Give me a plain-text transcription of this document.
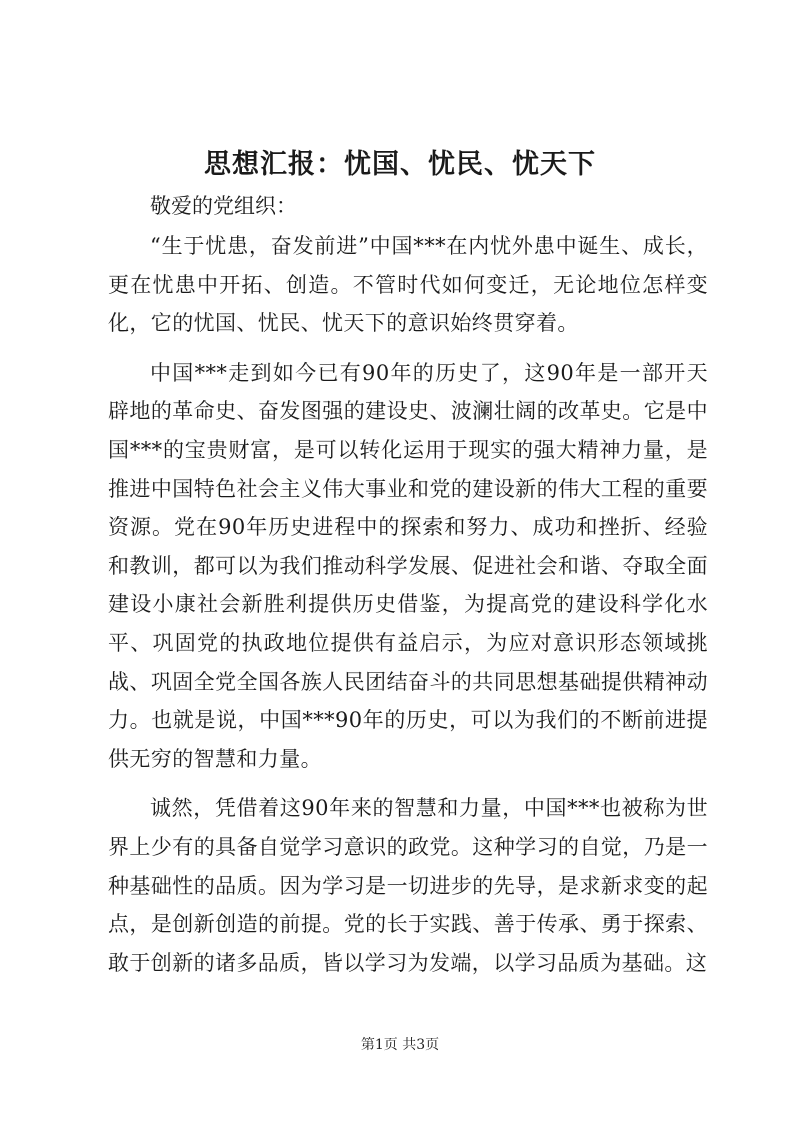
思想汇报：忧国、忧民、忧天下
敬爱的党组织：

“生于忧患，奋发前进”中国***在内忧外患中诞生、成长，更在忧患中开拓、创造。不管时代如何变迁，无论地位怎样变化，它的忧国、忧民、忧天下的意识始终贯穿着。

中国***走到如今已有90年的历史了，这90年是一部开天辟地的革命史、奋发图强的建设史、波澜壮阔的改革史。它是中国***的宝贵财富，是可以转化运用于现实的强大精神力量，是推进中国特色社会主义伟大事业和党的建设新的伟大工程的重要资源。党在90年历史进程中的探索和努力、成功和挫折、经验和教训，都可以为我们推动科学发展、促进社会和谐、夺取全面建设小康社会新胜利提供历史借鉴，为提高党的建设科学化水平、巩固党的执政地位提供有益启示，为应对意识形态领域挑战、巩固全党全国各族人民团结奋斗的共同思想基础提供精神动力。也就是说，中国***90年的历史，可以为我们的不断前进提供无穷的智慧和力量。

诚然，凭借着这90年来的智慧和力量，中国***也被称为世界上少有的具备自觉学习意识的政党。这种学习的自觉，乃是一种基础性的品质。因为学习是一切进步的先导，是求新求变的起点，是创新创造的前提。党的长于实践、善于传承、勇于探索、敢于创新的诸多品质，皆以学习为发端，以学习品质为基础。这

第1页 共3页
